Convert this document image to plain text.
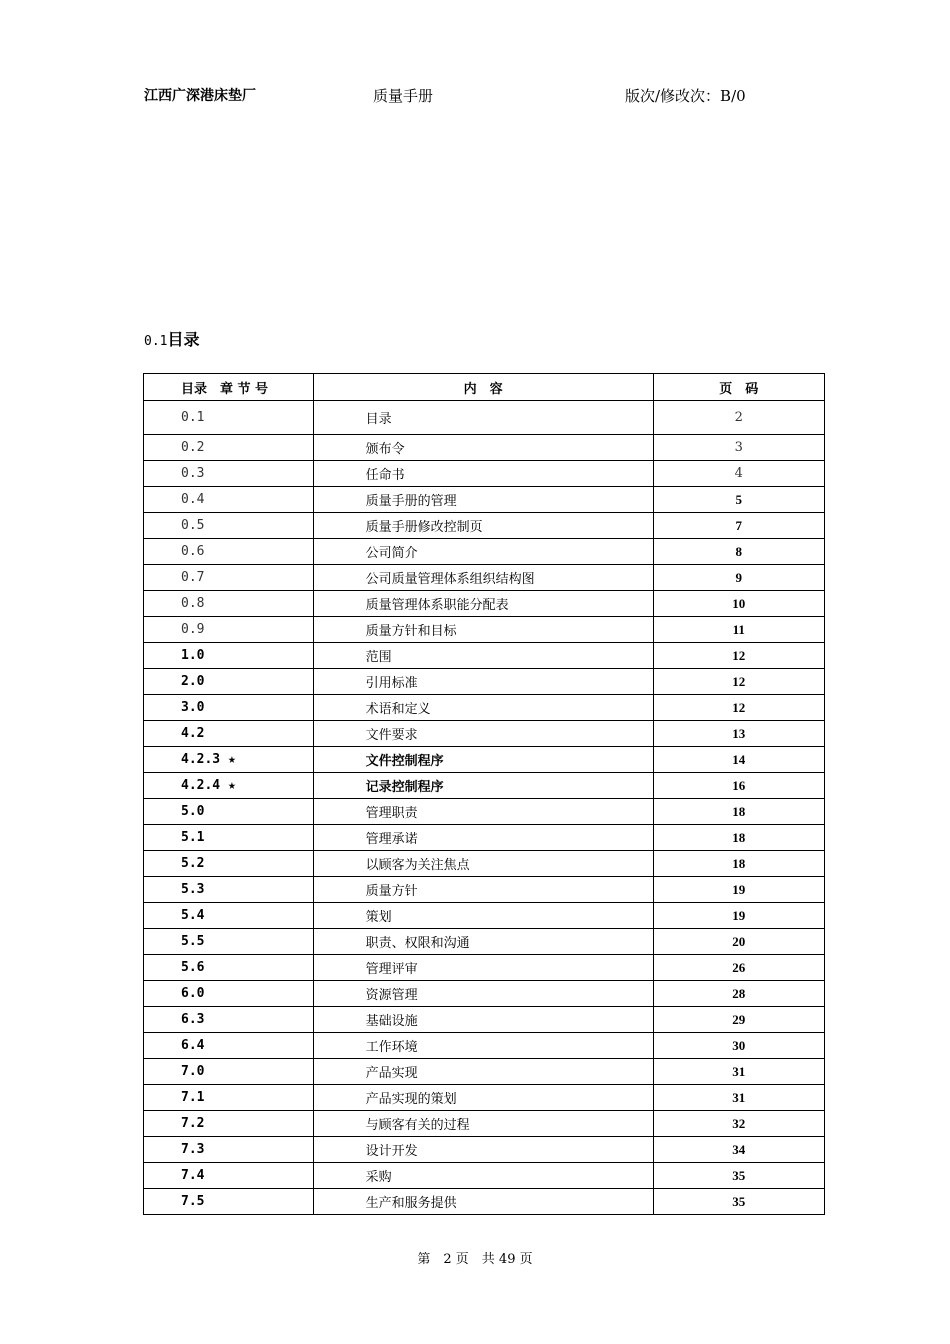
江西广深港床垫厂	质量手册	版次/修改次：B/0
0.1目录
目录　章 节 号	内　容	页　码
0.1	目录	2
0.2	颁布令	3
0.3	任命书	4
0.4	质量手册的管理	5
0.5	质量手册修改控制页	7
0.6	公司简介	8
0.7	公司质量管理体系组织结构图	9
0.8	质量管理体系职能分配表	10
0.9	质量方针和目标	11
1.0	范围	12
2.0	引用标准	12
3.0	术语和定义	12
4.2	文件要求	13
4.2.3 ★	文件控制程序	14
4.2.4 ★	记录控制程序	16
5.0	管理职责	18
5.1	管理承诺	18
5.2	以顾客为关注焦点	18
5.3	质量方针	19
5.4	策划	19
5.5	职责、权限和沟通	20
5.6	管理评审	26
6.0	资源管理	28
6.3	基础设施	29
6.4	工作环境	30
7.0	产品实现	31
7.1	产品实现的策划	31
7.2	与顾客有关的过程	32
7.3	设计开发	34
7.4	采购	35
7.5	生产和服务提供	35
第　2 页　共 49 页
